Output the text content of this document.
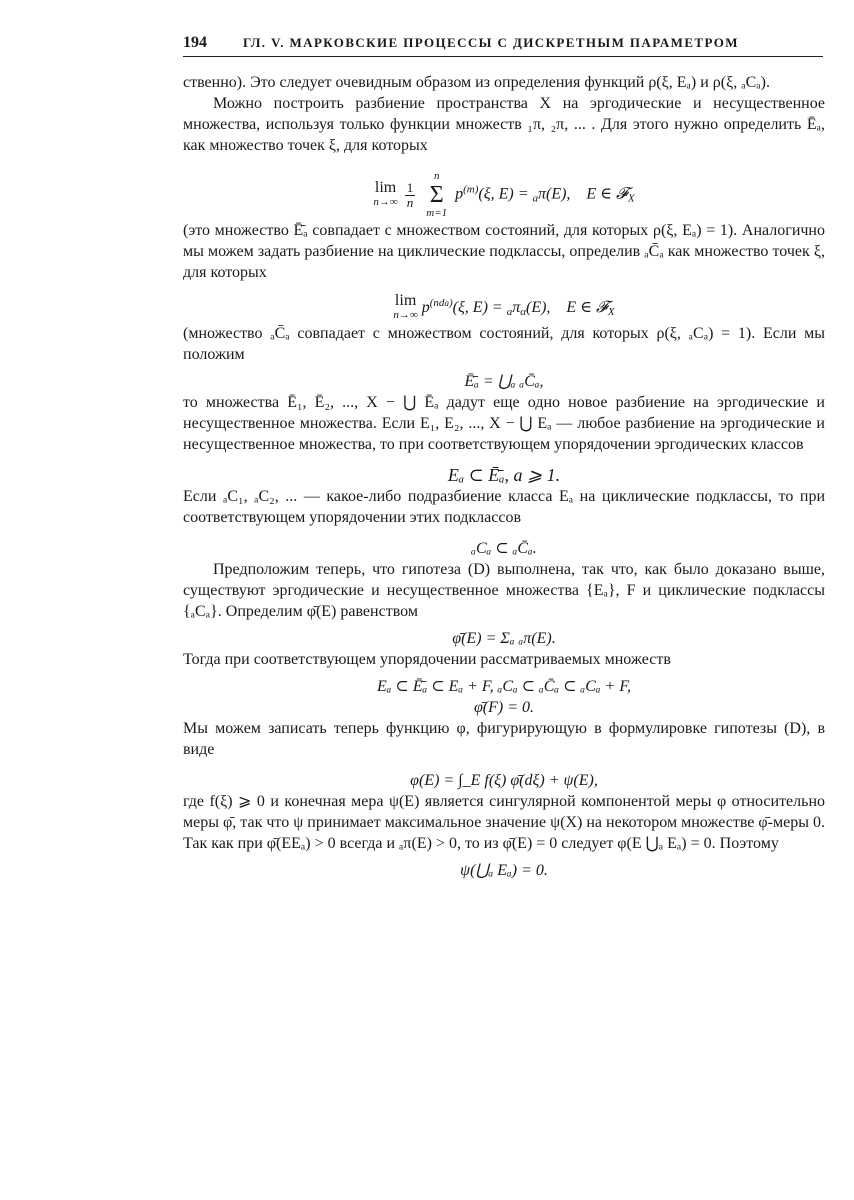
194	ГЛ. V. МАРКОВСКИЕ ПРОЦЕССЫ С ДИСКРЕТНЫМ ПАРАМЕТРОМ

ственно). Это следует очевидным образом из определения функций ρ(ξ, Eₐ) и ρ(ξ, ₐCₐ).

Можно построить разбиение пространства X на эргодические и несущественное множества, используя только функции множеств ₁π, ₂π, ... . Для этого нужно определить Ēₐ, как множество точек ξ, для которых

lim
n→∞
$\frac{1}{n}$

n
Σ
m=1
$p^{(m)}(\xi$, E) = $_a$π(E),    E ∈ 𝓕$_X$

(это множество Ē̄ₐ совпадает с множеством состояний, для которых ρ(ξ, Eₐ) = 1). Аналогично мы можем задать разбиение на циклические подклассы, определив ₐC̄ₐ как множество точек ξ, для которых

lim
n→∞ $p^{(nda)}(\xi$, $E) = _a\pi_\alpha(E)$,    E ∈ 𝓕$_X$

(множество ₐC̄ₐ совпадает с множеством состояний, для которых ρ(ξ, ₐCₐ) = 1). Если мы положим

Ē̄ₐ = ⋃ₐ ₐC̄ₐ,

то множества Ē₁, Ē₂, ..., X − ⋃ Ēₐ дадут еще одно новое разбиение на эргодические и несущественное множества. Если E₁, E₂, ..., X − ⋃ Eₐ — любое разбиение на эргодические и несущественное множества, то при соответствующем упорядочении эргодических классов

Eₐ ⊂ Ē̄ₐ, a ⩾ 1.

Если ₐC₁, ₐC₂, ... — какое-либо подразбиение класса Eₐ на циклические подклассы, то при соответствующем упорядочении этих подклассов

ₐCₐ ⊂ ₐC̄ₐ.

Предположим теперь, что гипотеза (D) выполнена, так что, как было доказано выше, существуют эргодические и несущественное множества {Eₐ}, F и циклические подклассы {ₐCₐ}. Определим φ̄(E) равенством

φ̄(E) = Σₐ ₐπ(E).

Тогда при соответствующем упорядочении рассматриваемых множеств

Eₐ ⊂ Ē̄ₐ ⊂ Eₐ + F, ₐCₐ ⊂ ₐC̄ₐ ⊂ ₐCₐ + F,
φ̄(F) = 0.

Мы можем записать теперь функцию φ, фигурирующую в формулировке гипотезы (D), в виде

φ(E) = ∫_E f(ξ) φ̄(dξ) + ψ(E),

где f(ξ) ⩾ 0 и конечная мера ψ(E) является сингулярной компонентой меры φ относительно меры φ̄, так что ψ принимает максимальное значение ψ(X) на некотором множестве φ̄-меры 0. Так как при φ̄(EEₐ) > 0 всегда и ₐπ(E) > 0, то из φ̄(E) = 0 следует φ(E ⋃ₐ Eₐ) = 0. Поэтому

ψ(⋃ₐ Eₐ) = 0.
